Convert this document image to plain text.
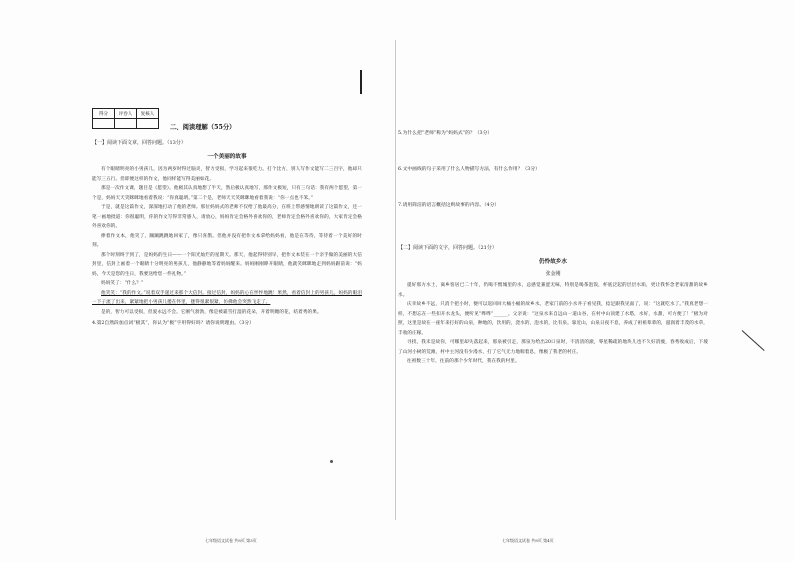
得分	评卷人	复核人

【一】阅读下面文章，回答问题。（13分）
一个美丽的故事

有个眼睛明亮的小男孩儿，因为两岁时得过脑炎，智力受损，学习起来很吃力。打个比方，别人写作文能写二三百字，他却只能写三五行。但即便这样的作文，他同样能写得美丽如花。

那是一次作文课，题目是《愿望》。他极其认真地想了半天，然后极认真地写，那作文极短，只有三句话：我有两个愿望，第一个是，妈妈天天笑眯眯地看着我说：“你真聪明。”第二个是，老师天天笑眯眯地看着我说：“你一点也不笨。”

于是，就是这篇作文，深深地打动了他的老师。那位妈妈式的老师不仅给了他最高分，在班上带感情地朗读了这篇作文，还一笔一画地批道：你很聪明，你的作文写得非常感人，请放心，妈妈肯定会格外喜欢你的，老师肯定会格外喜欢你的，大家肯定会格外喜欢你的。

捧着作文本，他笑了，蹦蹦跳跳地回家了，像只喜鹊。但他并没有把作文本拿给妈妈看，他是在等待，等待着一个美好的时刻。

那个时刻终于到了，是妈妈的生日——一个阳光灿烂的星期天。那天，他起得特别早，把作文本装在一个亲手做的美丽的大信封里，信封上画着一个眼睛十分明亮的男孩儿，他静静地等着妈妈醒来。妈妈刚刚睁开眼睛，他就笑眯眯地走到妈妈跟前说：“妈妈，今天是您的生日，我要送给您一件礼物。”

妈妈笑了：“什么？”

他笑笑：“我的作文。”说着双手递过来那个大信封。接过信封，妈妈的心在怦怦地跳！果然，看着信封上的男孩儿，妈妈的眼泪一下子流了出来，紧紧地把小男孩儿搂在怀里，搂得很紧很紧，仿佛他会突然飞走了。

是的，智力可以受损，但爱永远不会。它刚气勃勃，像是被霜雪打湿的花朵，开着明媚的花，结着秀的果。

4.第2自然段加点词“极其”，你认为“极”字用得好吗？请你说明理由。（3分）
二、阅读理解（55分）
七年级语文试卷 共8页 第3页
5.为什么把“老师”称为“妈妈式”的？（3分）
6.文中画线的句子采用了什么人物描写方法，有什么作用？（3分）
7.请用简洁的语言概括这则故事的内容。（4分）
【二】阅读下面的文字，回答问题。（21分）
仍怜故乡水
张金刚

提好那方水土，离乡客居已二十年，仍喝不惯城里的水，总感觉兼涩无味，特别是喝茶泡饭，杯底泛起的层层水垢，更让我怀念老家清甜的故乡水。

庆幸故乡不远，只消个把小时，便可以返回回大桶小桶的故乡水。老家门前的小水井子看见我，捻足跟我见面了，说：“这就吃水了。”我真老想一样，不想忘在一些扣开水龙头，便听见“哗哗”______。父亲说：“这泉水来自远山一道山谷，在村中山顶建了水塔，水好，水甜，可方便了！”极为对照，这里是故在一座年来打好的山泉，种地的，饮用的，浇水的，泡水的，比有泉。靠近山，山泉日夜不息，养成了祖祖辈辈的，滋润着丰茂的水草，丰收的庄稼。

寻找，我未是故你，可哪里却失落起来，那泉被引走，那泉为给出20口泉时，不清清的澈，零星稀疏的地块儿也不久好消瘦，春秀收成后，下坡了山河小树的荒滩，村中主河没有少漫水，打了它气无力地喘着息，像极了我老的村庄。

往祖数三十年，往前的那个少年时代，我在我的村里。

七年级语文试卷 共8页 第4页
